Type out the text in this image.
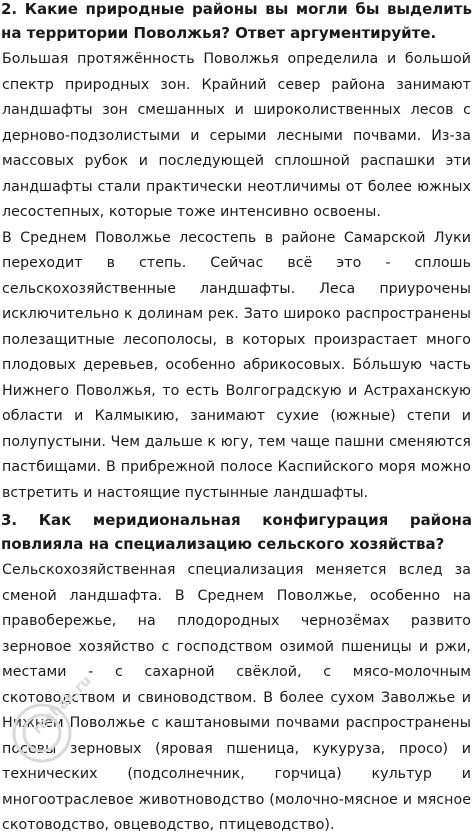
2. Какие природные районы вы могли бы выделить на территории Поволжья? Ответ аргументируйте.

Большая протяжённость Поволжья определила и большой спектр природных зон. Крайний север района занимают ландшафты зон смешанных и широколиственных лесов с дерново-подзолистыми и серыми лесными почвами. Из-за массовых рубок и последующей сплошной распашки эти ландшафты стали практически неотличимы от более южных лесостепных, которые тоже интенсивно освоены.

В Среднем Поволжье лесостепь в районе Самарской Луки переходит в степь. Сейчас всё это - сплошь сельскохозяйственные ландшафты. Леса приурочены исключительно к долинам рек. Зато широко распространены полезащитные лесополосы, в которых произрастает много плодовых деревьев, особенно абрикосовых. Бóльшую часть Нижнего Поволжья, то есть Волгоградскую и Астраханскую области и Калмыкию, занимают сухие (южные) степи и полупустыни. Чем дальше к югу, тем чаще пашни сменяются пастбищами. В прибрежной полосе Каспийского моря можно встретить и настоящие пустынные ландшафты.

3. Как меридиональная конфигурация района повлияла на специализацию сельского хозяйства?

Сельскохозяйственная специализация меняется вслед за сменой ландшафта. В Среднем Поволжье, особенно на правобережье, на плодородных чернозёмах развито зерновое хозяйство с господством озимой пшеницы и ржи, местами - с сахарной свёклой, с мясо-молочным скотоводством и свиноводством. В более сухом Заволжье и Нижнем Поволжье с каштановыми почвами распространены посевы зерновых (яровая пшеница, кукуруза, просо) и технических (подсолнечник, горчица) культур и многоотраслевое животноводство (молочно-мясное и мясное скотоводство, овцеводство, птицеводство).

reshak.ru
